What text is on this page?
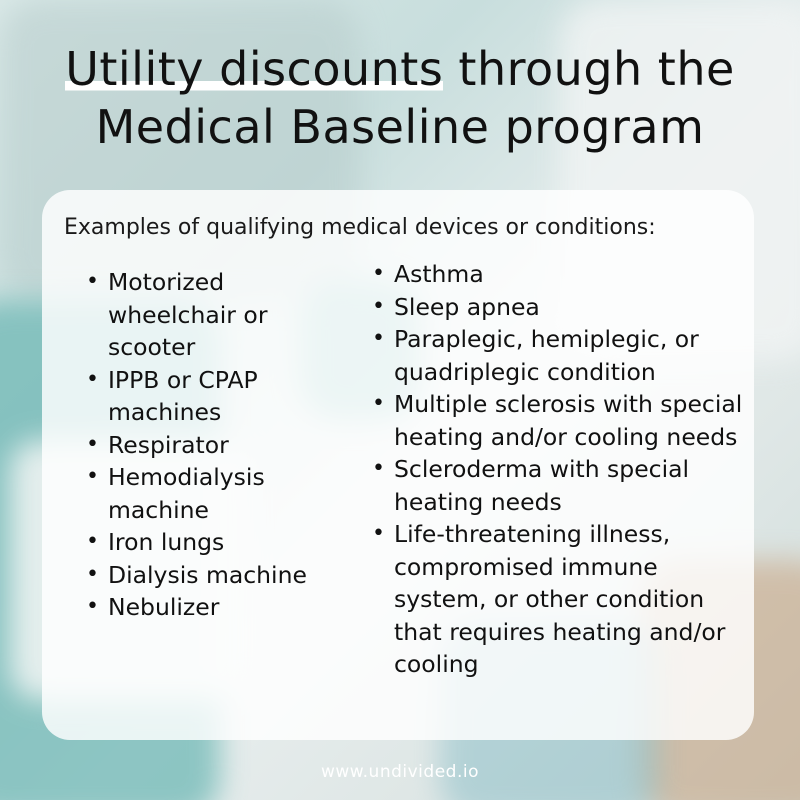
Utility discounts through the
Medical Baseline program

Examples of qualifying medical devices or conditions:

• Motorized wheelchair or scooter
• IPPB or CPAP machines
• Respirator
• Hemodialysis machine
• Iron lungs
• Dialysis machine
• Nebulizer
• Asthma
• Sleep apnea
• Paraplegic, hemiplegic, or quadriplegic condition
• Multiple sclerosis with special heating and/or cooling needs
• Scleroderma with special heating needs
• Life-threatening illness, compromised immune system, or other condition that requires heating and/or cooling

www.undivided.io
